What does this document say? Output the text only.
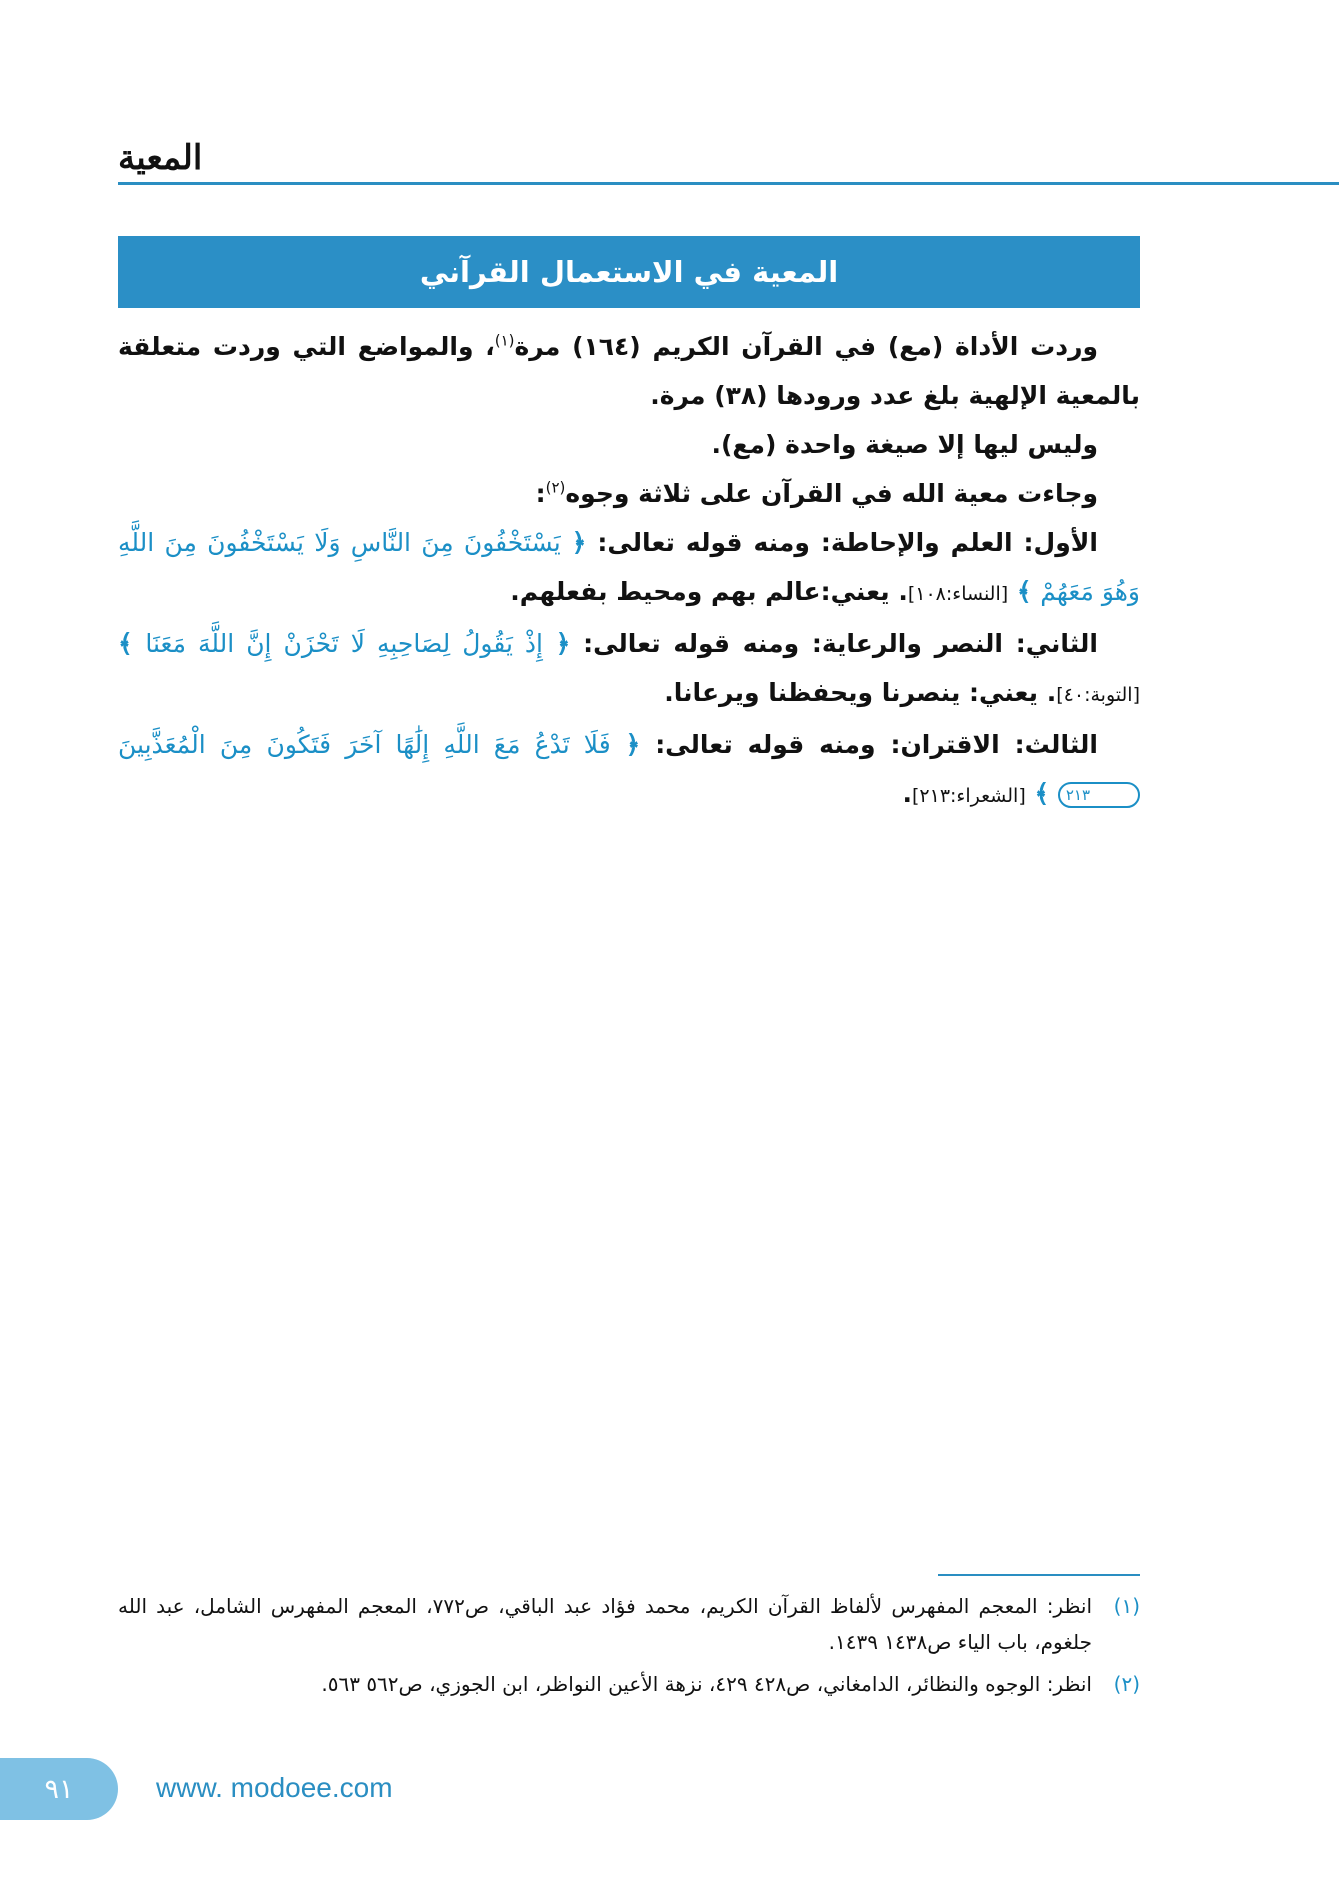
المعية
المعية في الاستعمال القرآني

وردت الأداة (مع) في القرآن الكريم (١٦٤) مرة$^{(١)}$، والمواضع التي وردت متعلقة بالمعية الإلهية بلغ عدد ورودها (٣٨) مرة.

وليس ليها إلا صيغة واحدة (مع).

وجاءت معية الله في القرآن على ثلاثة وجوه$^{(٢)}$:

الأول: العلم والإحاطة: ومنه قوله تعالى: ﴿ يَسْتَخْفُونَ مِنَ النَّاسِ وَلَا يَسْتَخْفُونَ مِنَ اللَّهِ وَهُوَ مَعَهُمْ ﴾ [النساء:١٠٨]. يعني:عالم بهم ومحيط بفعلهم.

الثاني: النصر والرعاية: ومنه قوله تعالى: ﴿ إِذْ يَقُولُ لِصَاحِبِهِ لَا تَحْزَنْ إِنَّ اللَّهَ مَعَنَا ﴾ [التوبة:٤٠]. يعني: ينصرنا ويحفظنا ويرعانا.

الثالث: الاقتران: ومنه قوله تعالى: ﴿ فَلَا تَدْعُ مَعَ اللَّهِ إِلَٰهًا آخَرَ فَتَكُونَ مِنَ الْمُعَذَّبِينَ ٢١٣ ﴾ [الشعراء:٢١٣].

(١)
انظر: المعجم المفهرس لألفاظ القرآن الكريم، محمد فؤاد عبد الباقي، ص٧٧٢، المعجم المفهرس الشامل، عبد الله جلغوم، باب الياء ص١٤٣٨ ١٤٣٩.

(٢)
انظر: الوجوه والنظائر، الدامغاني، ص٤٢٨ ٤٢٩، نزهة الأعين النواظر، ابن الجوزي، ص٥٦٢ ٥٦٣.

٩١	www. modoee.com
